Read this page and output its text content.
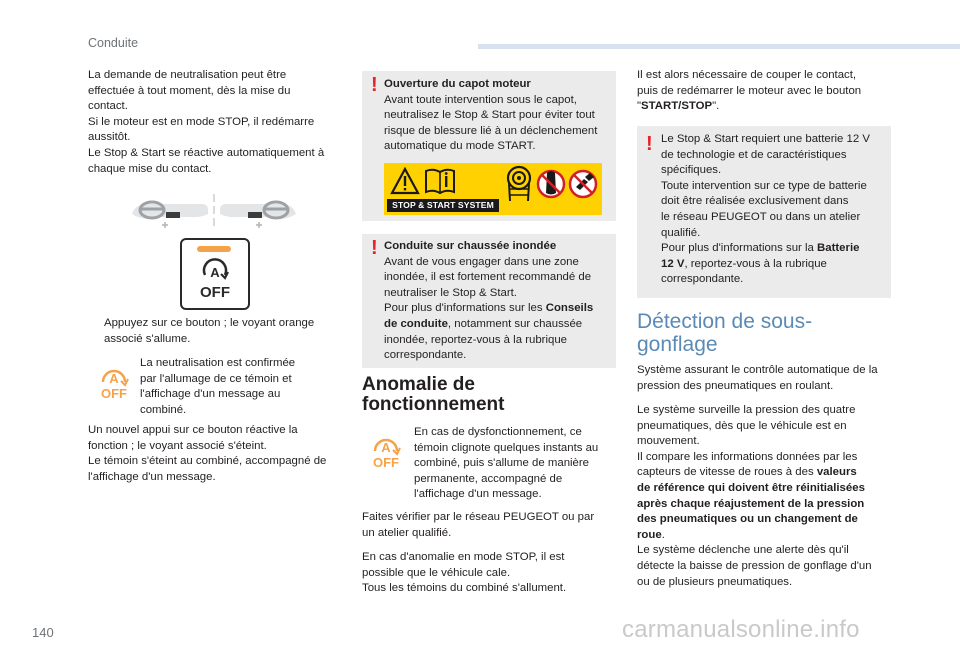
Conduite

La demande de neutralisation peut être

effectuée à tout moment, dès la mise du

contact.

Si le moteur est en mode STOP, il redémarre

aussitôt.

Le Stop & Start se réactive automatiquement à

chaque mise du contact.

A
OFF

Appuyez sur ce bouton ; le voyant orange

associé s'allume.

A
OFF

La neutralisation est confirmée

par l'allumage de ce témoin et

l'affichage d'un message au

combiné.

Un nouvel appui sur ce bouton réactive la

fonction ; le voyant associé s'éteint.

Le témoin s'éteint au combiné, accompagné de

l'affichage d'un message.

! Ouverture du capot moteur

Avant toute intervention sous le capot,

neutralisez le Stop & Start pour éviter tout

risque de blessure lié à un déclenchement

automatique du mode START.

STOP & START SYSTEM
! Conduite sur chaussée inondée

Avant de vous engager dans une zone

inondée, il est fortement recommandé de

neutraliser le Stop & Start.

Pour plus d'informations sur les Conseils

de conduite, notamment sur chaussée

inondée, reportez-vous à la rubrique

correspondante.

Anomalie de
fonctionnement
A
OFF

En cas de dysfonctionnement, ce

témoin clignote quelques instants au

combiné, puis s'allume de manière

permanente, accompagné de

l'affichage d'un message.

Faites vérifier par le réseau PEUGEOT ou par

un atelier qualifié.

En cas d'anomalie en mode STOP, il est

possible que le véhicule cale.

Tous les témoins du combiné s'allument.

Il est alors nécessaire de couper le contact,

puis de redémarrer le moteur avec le bouton

"START/STOP".

! Le Stop & Start requiert une batterie 12 V

de technologie et de caractéristiques

spécifiques.

Toute intervention sur ce type de batterie

doit être réalisée exclusivement dans

le réseau PEUGEOT ou dans un atelier

qualifié.

Pour plus d'informations sur la Batterie

12 V, reportez-vous à la rubrique

correspondante.

Détection de sous-
gonflage

Système assurant le contrôle automatique de la

pression des pneumatiques en roulant.

Le système surveille la pression des quatre

pneumatiques, dès que le véhicule est en

mouvement.

Il compare les informations données par les

capteurs de vitesse de roues à des valeurs

de référence qui doivent être réinitialisées

après chaque réajustement de la pression

des pneumatiques ou un changement de

roue.

Le système déclenche une alerte dès qu'il

détecte la baisse de pression de gonflage d'un

ou de plusieurs pneumatiques.

140	carmanualsonline.info
